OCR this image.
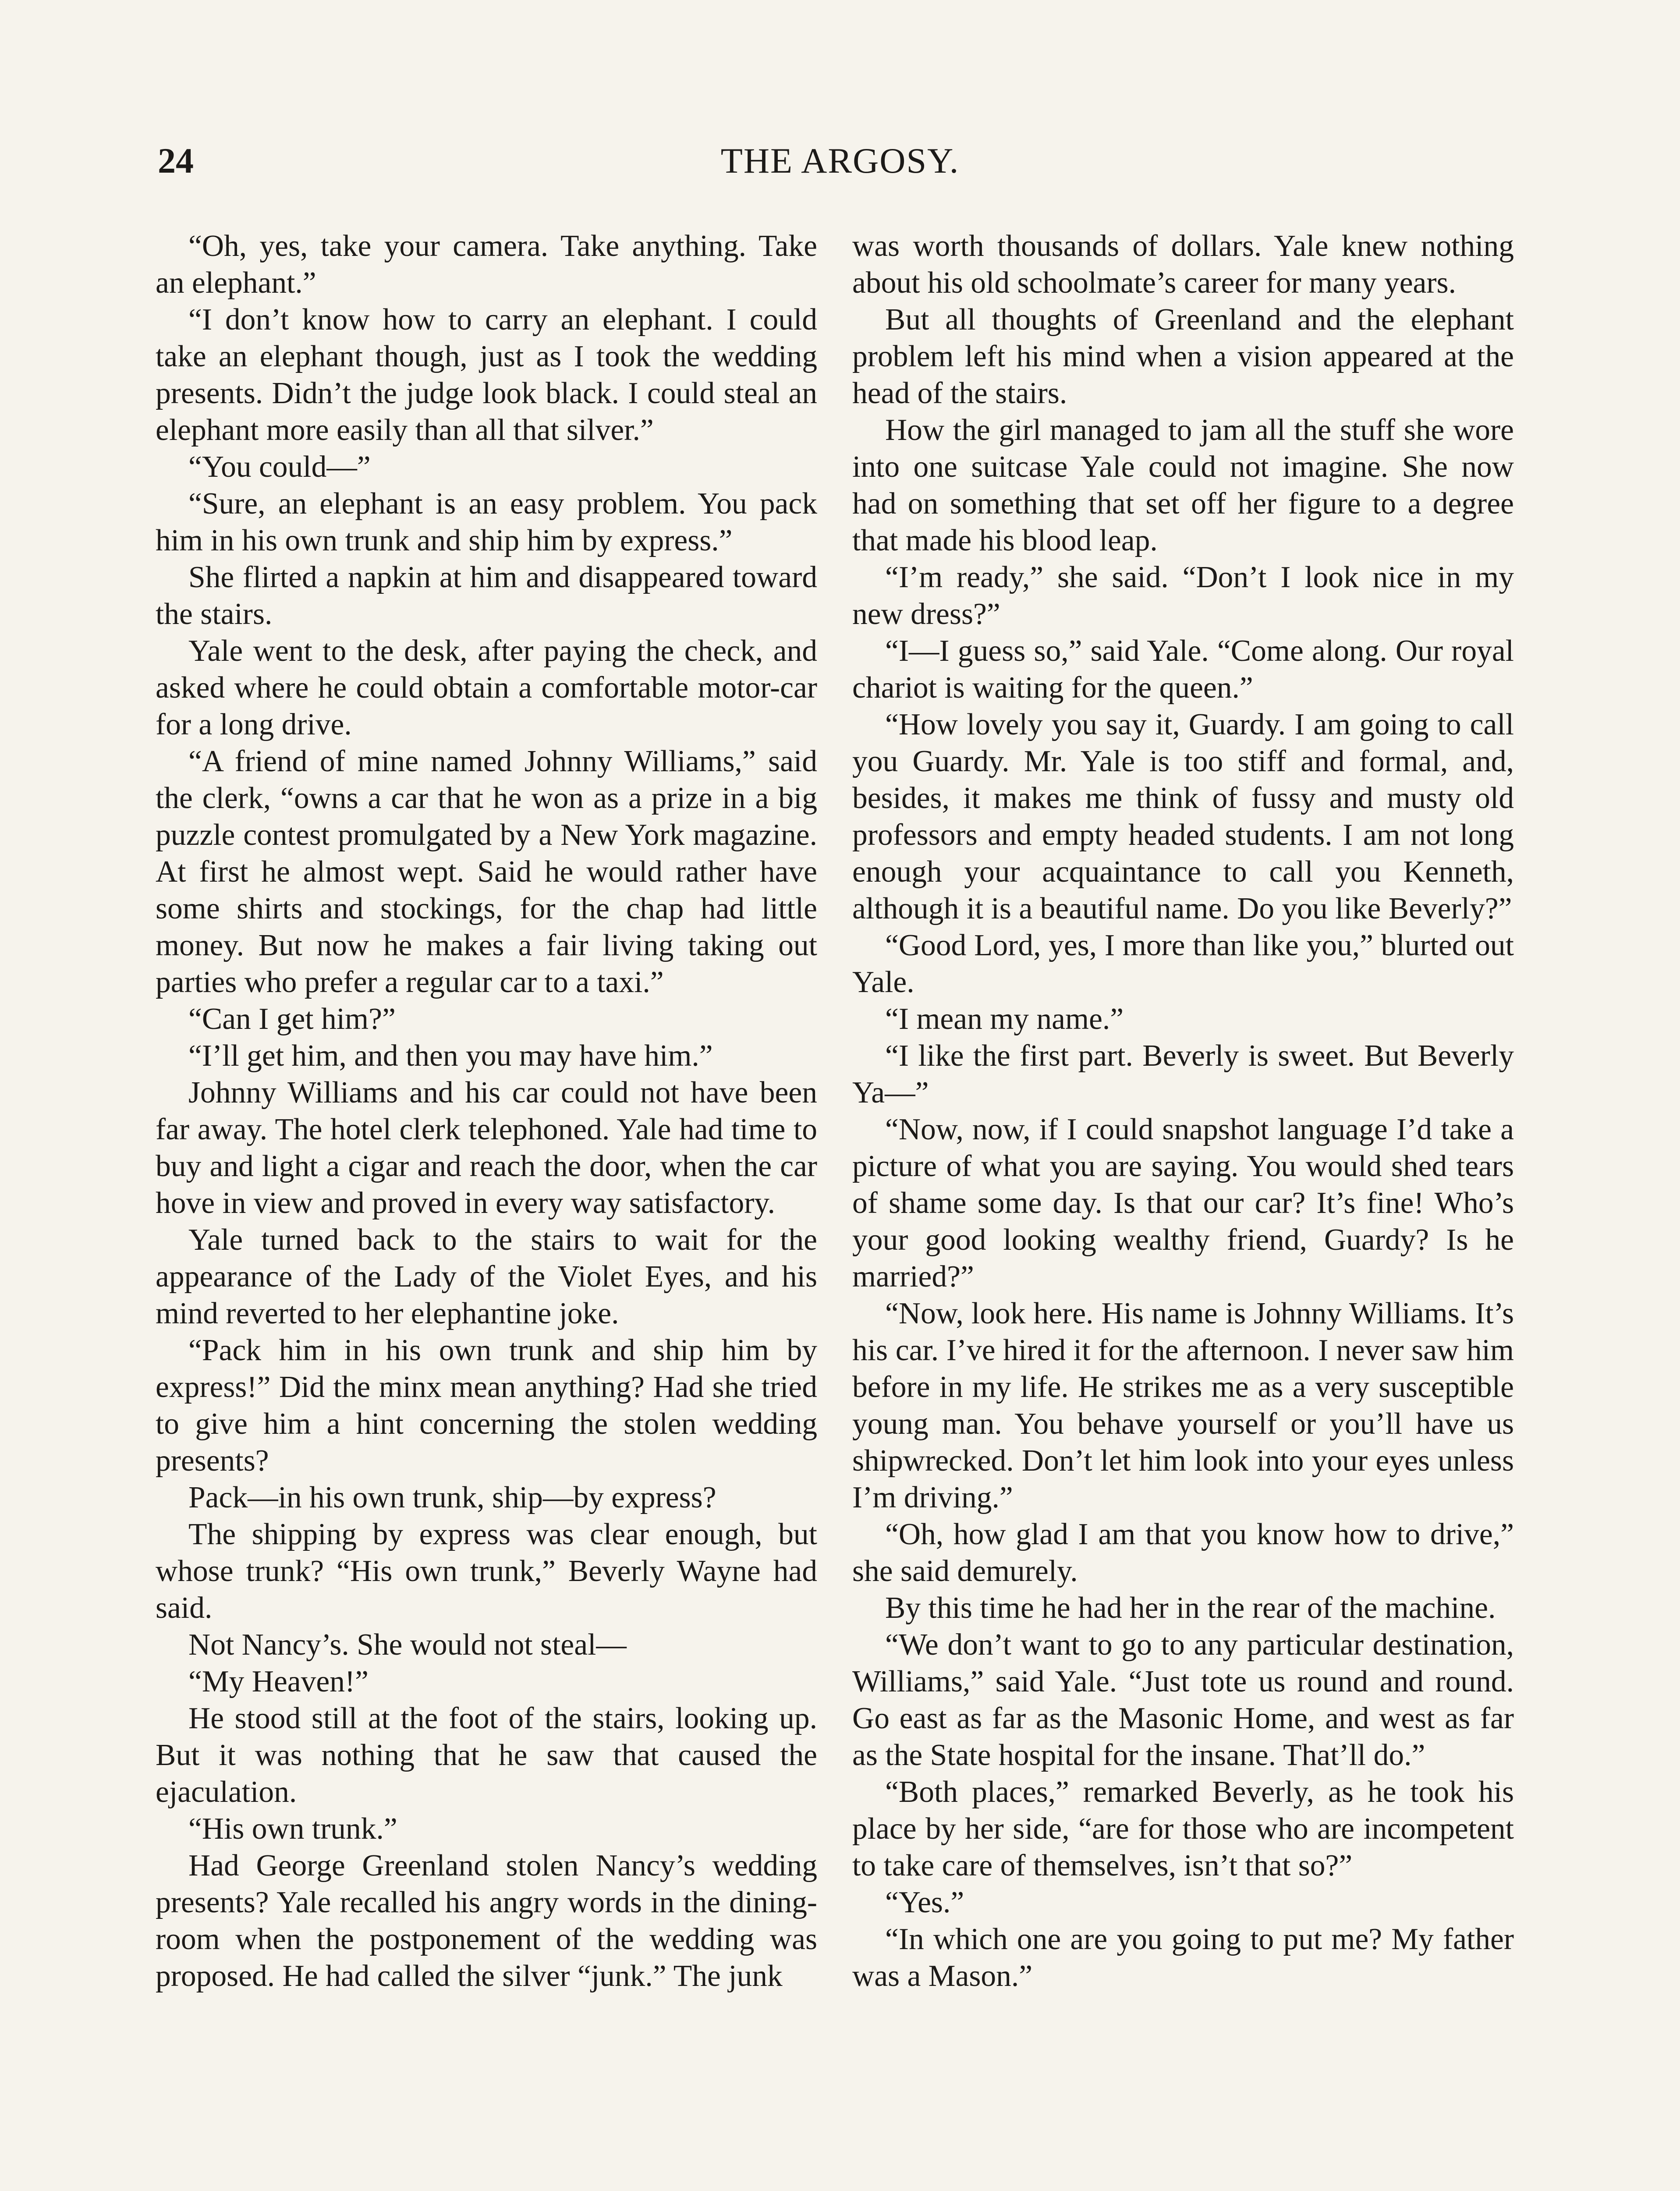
24	THE ARGOSY.

“Oh, yes, take your camera. Take anything. Take an elephant.”

“I don’t know how to carry an elephant. I could take an elephant though, just as I took the wedding presents. Didn’t the judge look black. I could steal an elephant more easily than all that silver.”

“You could—”

“Sure, an elephant is an easy problem. You pack him in his own trunk and ship him by express.”

She flirted a napkin at him and disappeared toward the stairs.

Yale went to the desk, after paying the check, and asked where he could obtain a comfortable motor-car for a long drive.

“A friend of mine named Johnny Williams,” said the clerk, “owns a car that he won as a prize in a big puzzle contest promulgated by a New York magazine. At first he almost wept. Said he would rather have some shirts and stockings, for the chap had little money. But now he makes a fair living taking out parties who prefer a regular car to a taxi.”

“Can I get him?”

“I’ll get him, and then you may have him.”

Johnny Williams and his car could not have been far away. The hotel clerk telephoned. Yale had time to buy and light a cigar and reach the door, when the car hove in view and proved in every way satisfactory.

Yale turned back to the stairs to wait for the appearance of the Lady of the Violet Eyes, and his mind reverted to her elephantine joke.

“Pack him in his own trunk and ship him by express!” Did the minx mean anything? Had she tried to give him a hint concerning the stolen wedding presents?

Pack—in his own trunk, ship—by express?

The shipping by express was clear enough, but whose trunk? “His own trunk,” Beverly Wayne had said.

Not Nancy’s. She would not steal—

“My Heaven!”

He stood still at the foot of the stairs, looking up. But it was nothing that he saw that caused the ejaculation.

“His own trunk.”

Had George Greenland stolen Nancy’s wedding presents? Yale recalled his angry words in the dining-room when the postponement of the wedding was proposed. He had called the silver “junk.” The junk

was worth thousands of dollars. Yale knew nothing about his old schoolmate’s career for many years.

But all thoughts of Greenland and the elephant problem left his mind when a vision appeared at the head of the stairs.

How the girl managed to jam all the stuff she wore into one suitcase Yale could not imagine. She now had on something that set off her figure to a degree that made his blood leap.

“I’m ready,” she said. “Don’t I look nice in my new dress?”

“I—I guess so,” said Yale. “Come along. Our royal chariot is waiting for the queen.”

“How lovely you say it, Guardy. I am going to call you Guardy. Mr. Yale is too stiff and formal, and, besides, it makes me think of fussy and musty old professors and empty headed students. I am not long enough your acquaintance to call you Kenneth, although it is a beautiful name. Do you like Beverly?”

“Good Lord, yes, I more than like you,” blurted out Yale.

“I mean my name.”

“I like the first part. Beverly is sweet. But Beverly Ya—”

“Now, now, if I could snapshot language I’d take a picture of what you are saying. You would shed tears of shame some day. Is that our car? It’s fine! Who’s your good looking wealthy friend, Guardy? Is he married?”

“Now, look here. His name is Johnny Williams. It’s his car. I’ve hired it for the afternoon. I never saw him before in my life. He strikes me as a very susceptible young man. You behave yourself or you’ll have us shipwrecked. Don’t let him look into your eyes unless I’m driving.”

“Oh, how glad I am that you know how to drive,” she said demurely.

By this time he had her in the rear of the machine.

“We don’t want to go to any particular destination, Williams,” said Yale. “Just tote us round and round. Go east as far as the Masonic Home, and west as far as the State hospital for the insane. That’ll do.”

“Both places,” remarked Beverly, as he took his place by her side, “are for those who are incompetent to take care of themselves, isn’t that so?”

“Yes.”

“In which one are you going to put me? My father was a Mason.”
